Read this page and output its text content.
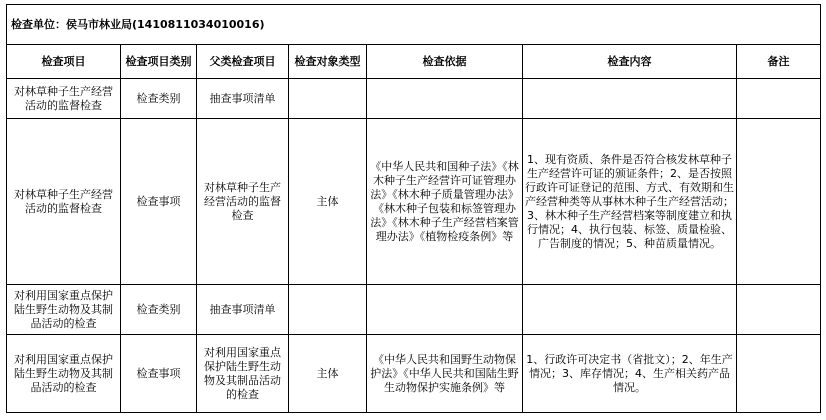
检查单位：侯马市林业局(1410811034010016)						
检查项目	检查项目类别	父类检查项目	检查对象类型	检查依据	检查内容	备注
对林草种子生产经营活动的监督检查	检查类别	抽查事项清单				
对林草种子生产经营活动的监督检查	检查事项	对林草种子生产经营活动的监督检查	主体	《中华人民共和国种子法》《林木种子生产经营许可证管理办法》《林木种子质量管理办法》《林木种子包装和标签管理办法》《林木种子生产经营档案管理办法》《植物检疫条例》等	1、现有资质、条件是否符合核发林草种子生产经营许可证的颁证条件；2、是否按照行政许可证登记的范围、方式、有效期和生产经营种类等从事林木种子生产经营活动；3、林木种子生产经营档案等制度建立和执行情况；4、执行包装、标签、质量检验、广告制度的情况；5、种苗质量情况。	
对利用国家重点保护陆生野生动物及其制品活动的检查	检查类别	抽查事项清单				
对利用国家重点保护陆生野生动物及其制品活动的检查	检查事项	对利用国家重点保护陆生野生动物及其制品活动的检查	主体	《中华人民共和国野生动物保护法》《中华人民共和国陆生野生动物保护实施条例》等	1、行政许可决定书（省批文）；2、年生产情况；3、库存情况；4、生产相关药产品情况。	
